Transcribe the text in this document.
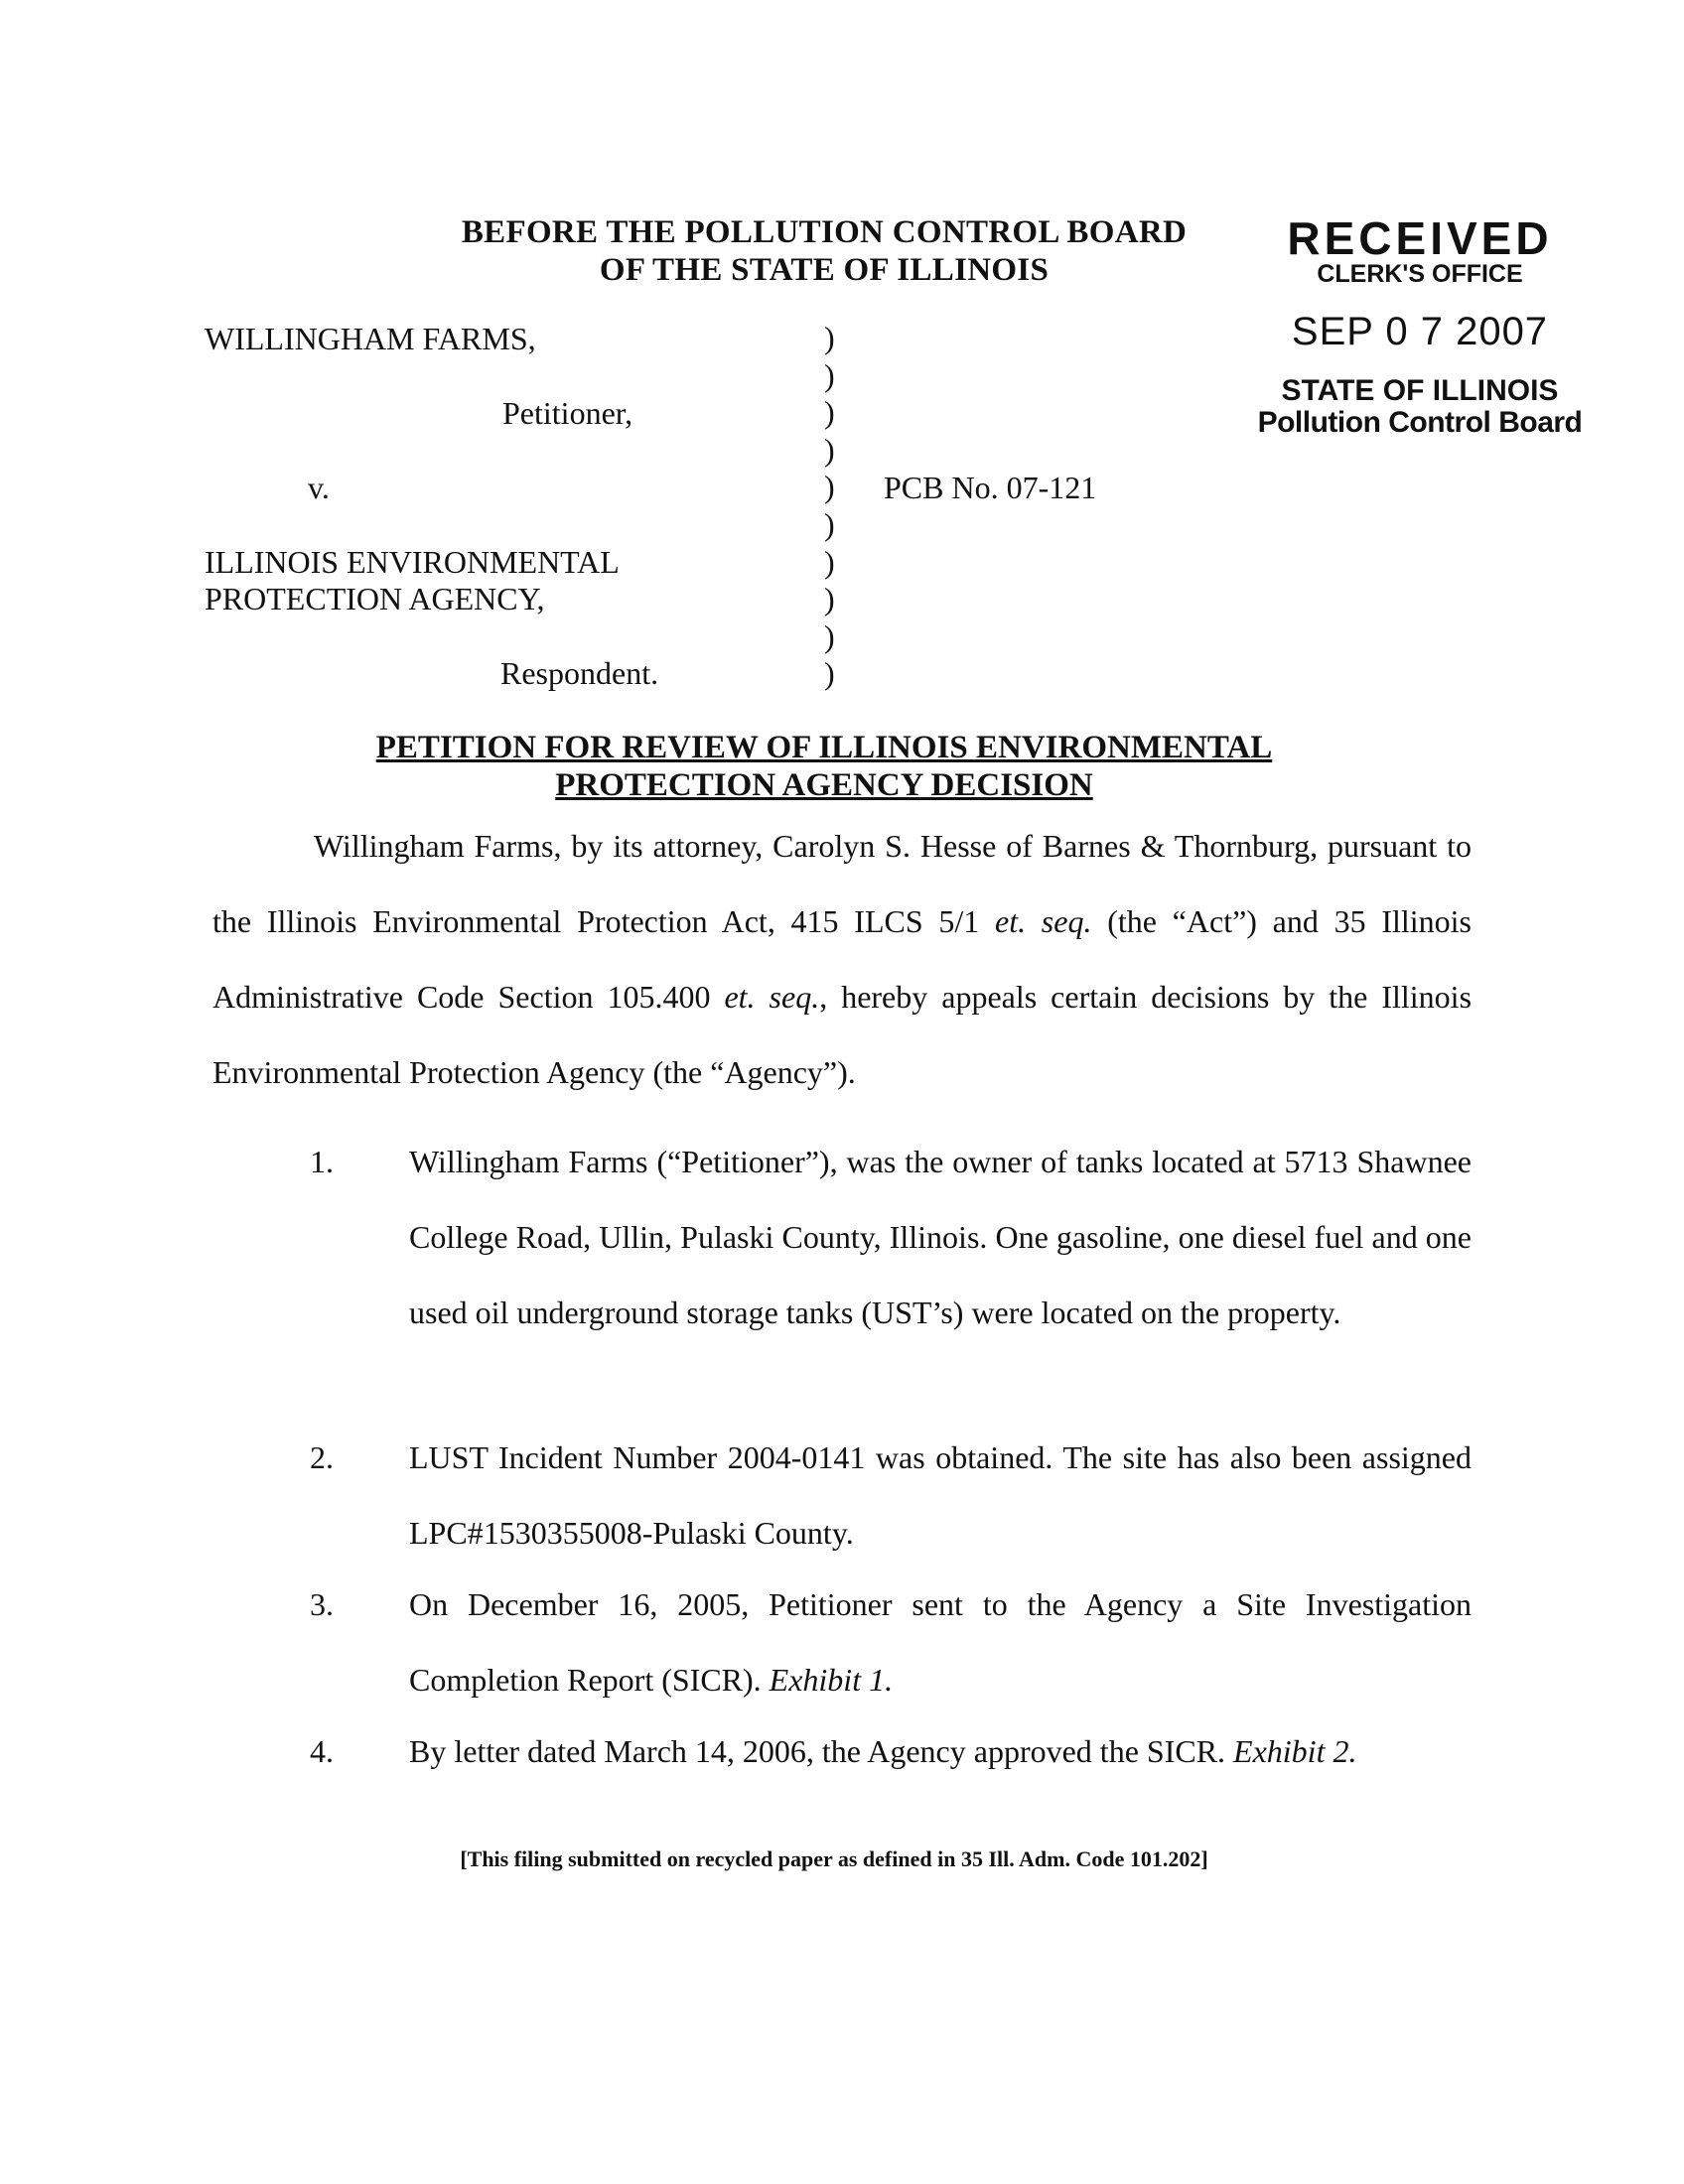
BEFORE THE POLLUTION CONTROL BOARD
OF THE STATE OF ILLINOIS
RECEIVED
CLERK'S OFFICE
SEP 0 7 2007
STATE OF ILLINOIS
Pollution Control Board
WILLINGHAM FARMS,
Petitioner,
v.
ILLINOIS ENVIRONMENTAL
PROTECTION AGENCY,
Respondent.
PCB No. 07-121
)
)
)
)
)
)
)
)
)
)
PETITION FOR REVIEW OF ILLINOIS ENVIRONMENTAL
PROTECTION AGENCY DECISION
Willingham Farms, by its attorney, Carolyn S. Hesse of Barnes & Thornburg, pursuant to the Illinois Environmental Protection Act, 415 ILCS 5/1 et. seq. (the “Act”) and 35 Illinois Administrative Code Section 105.400 et. seq., hereby appeals certain decisions by the Illinois Environmental Protection Agency (the “Agency”).
1. Willingham Farms (“Petitioner”), was the owner of tanks located at 5713 Shawnee College Road, Ullin, Pulaski County, Illinois. One gasoline, one diesel fuel and one used oil underground storage tanks (UST’s) were located on the property.
2. LUST Incident Number 2004-0141 was obtained. The site has also been assigned LPC#1530355008-Pulaski County.
3. On December 16, 2005, Petitioner sent to the Agency a Site Investigation Completion Report (SICR). Exhibit 1.
4. By letter dated March 14, 2006, the Agency approved the SICR. Exhibit 2.
[This filing submitted on recycled paper as defined in 35 Ill. Adm. Code 101.202]
